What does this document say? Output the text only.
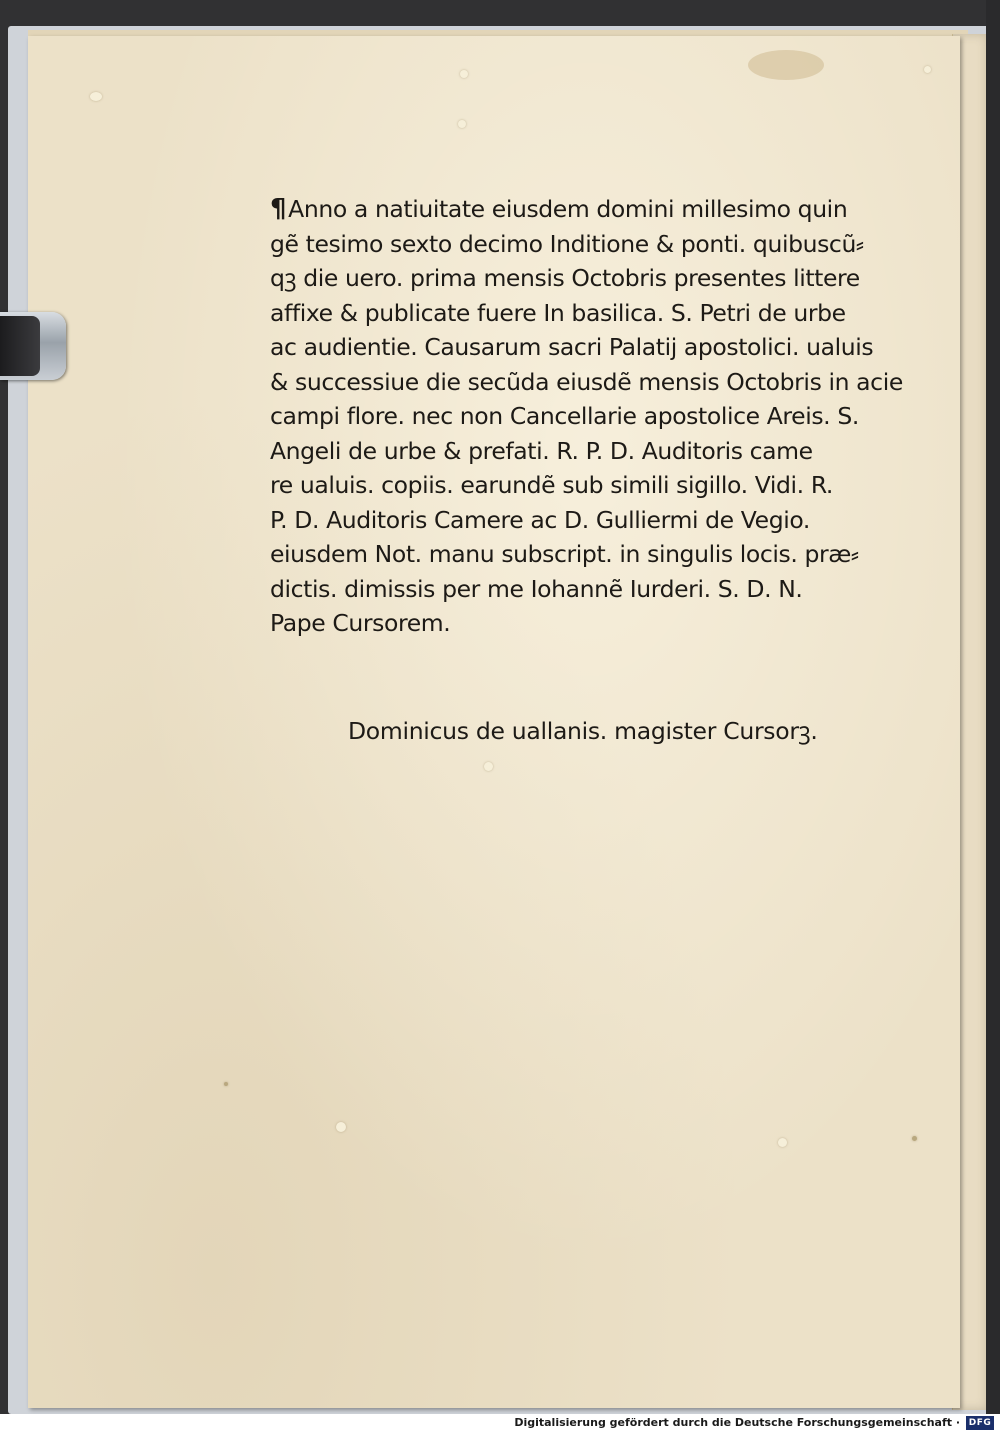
¶Anno a natiuitate eiusdem domini millesimo quin
gẽ tesimo sexto decimo Inditione & ponti. quibuscũ⸗
qꝫ die uero. prima mensis Octobris presentes littere
affixe & publicate fuere In basilica. S. Petri de urbe
ac audientie. Causarum sacri Palatij apostolici. ualuis
& successiue die secũda eiusdẽ mensis Octobris in acie
campi flore. nec non Cancellarie apostolice Areis. S.
Angeli de urbe & prefati. R. P. D. Auditoris came
re ualuis. copiis. earundẽ sub simili sigillo. Vidi. R.
P. D. Auditoris Camere ac D. Gulliermi de Vegio.
eiusdem Not. manu subscript. in singulis locis. præ⸗
dictis. dimissis per me Iohannẽ Iurderi. S. D. N.
Pape Cursorem.
Dominicus de uallanis. magister Cursorꝫ.
Digitalisierung gefördert durch die Deutsche Forschungsgemeinschaft · DFG
